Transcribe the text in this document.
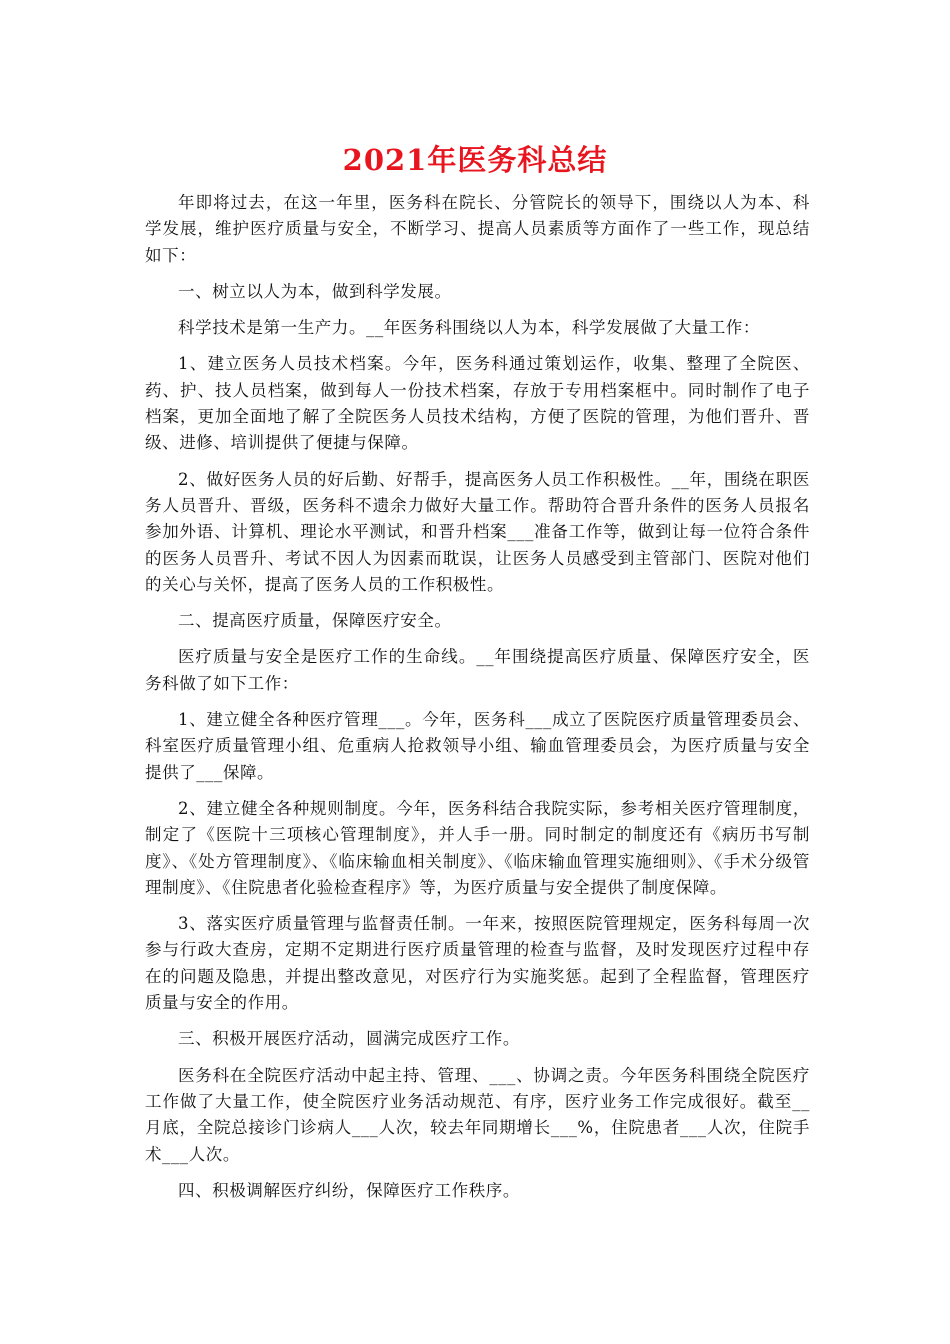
2021年医务科总结

年即将过去，在这一年里，医务科在院长、分管院长的领导下，围绕以人为本、科学发展，维护医疗质量与安全，不断学习、提高人员素质等方面作了一些工作，现总结如下：

一、树立以人为本，做到科学发展。

科学技术是第一生产力。__年医务科围绕以人为本，科学发展做了大量工作：

1、建立医务人员技术档案。今年，医务科通过策划运作，收集、整理了全院医、药、护、技人员档案，做到每人一份技术档案，存放于专用档案框中。同时制作了电子档案，更加全面地了解了全院医务人员技术结构，方便了医院的管理，为他们晋升、晋级、进修、培训提供了便捷与保障。

2、做好医务人员的好后勤、好帮手，提高医务人员工作积极性。__年，围绕在职医务人员晋升、晋级，医务科不遗余力做好大量工作。帮助符合晋升条件的医务人员报名参加外语、计算机、理论水平测试，和晋升档案___准备工作等，做到让每一位符合条件的医务人员晋升、考试不因人为因素而耽误，让医务人员感受到主管部门、医院对他们的关心与关怀，提高了医务人员的工作积极性。

二、提高医疗质量，保障医疗安全。

医疗质量与安全是医疗工作的生命线。__年围绕提高医疗质量、保障医疗安全，医务科做了如下工作：

1、建立健全各种医疗管理___。今年，医务科___成立了医院医疗质量管理委员会、科室医疗质量管理小组、危重病人抢救领导小组、输血管理委员会，为医疗质量与安全提供了___保障。

2、建立健全各种规则制度。今年，医务科结合我院实际，参考相关医疗管理制度，制定了《医院十三项核心管理制度》，并人手一册。同时制定的制度还有《病历书写制度》、《处方管理制度》、《临床输血相关制度》、《临床输血管理实施细则》、《手术分级管理制度》、《住院患者化验检查程序》等，为医疗质量与安全提供了制度保障。

3、落实医疗质量管理与监督责任制。一年来，按照医院管理规定，医务科每周一次参与行政大查房，定期不定期进行医疗质量管理的检查与监督，及时发现医疗过程中存在的问题及隐患，并提出整改意见，对医疗行为实施奖惩。起到了全程监督，管理医疗质量与安全的作用。

三、积极开展医疗活动，圆满完成医疗工作。

医务科在全院医疗活动中起主持、管理、___、协调之责。今年医务科围绕全院医疗工作做了大量工作，使全院医疗业务活动规范、有序，医疗业务工作完成很好。截至__月底，全院总接诊门诊病人___人次，较去年同期增长___%，住院患者___人次，住院手术___人次。

四、积极调解医疗纠纷，保障医疗工作秩序。
